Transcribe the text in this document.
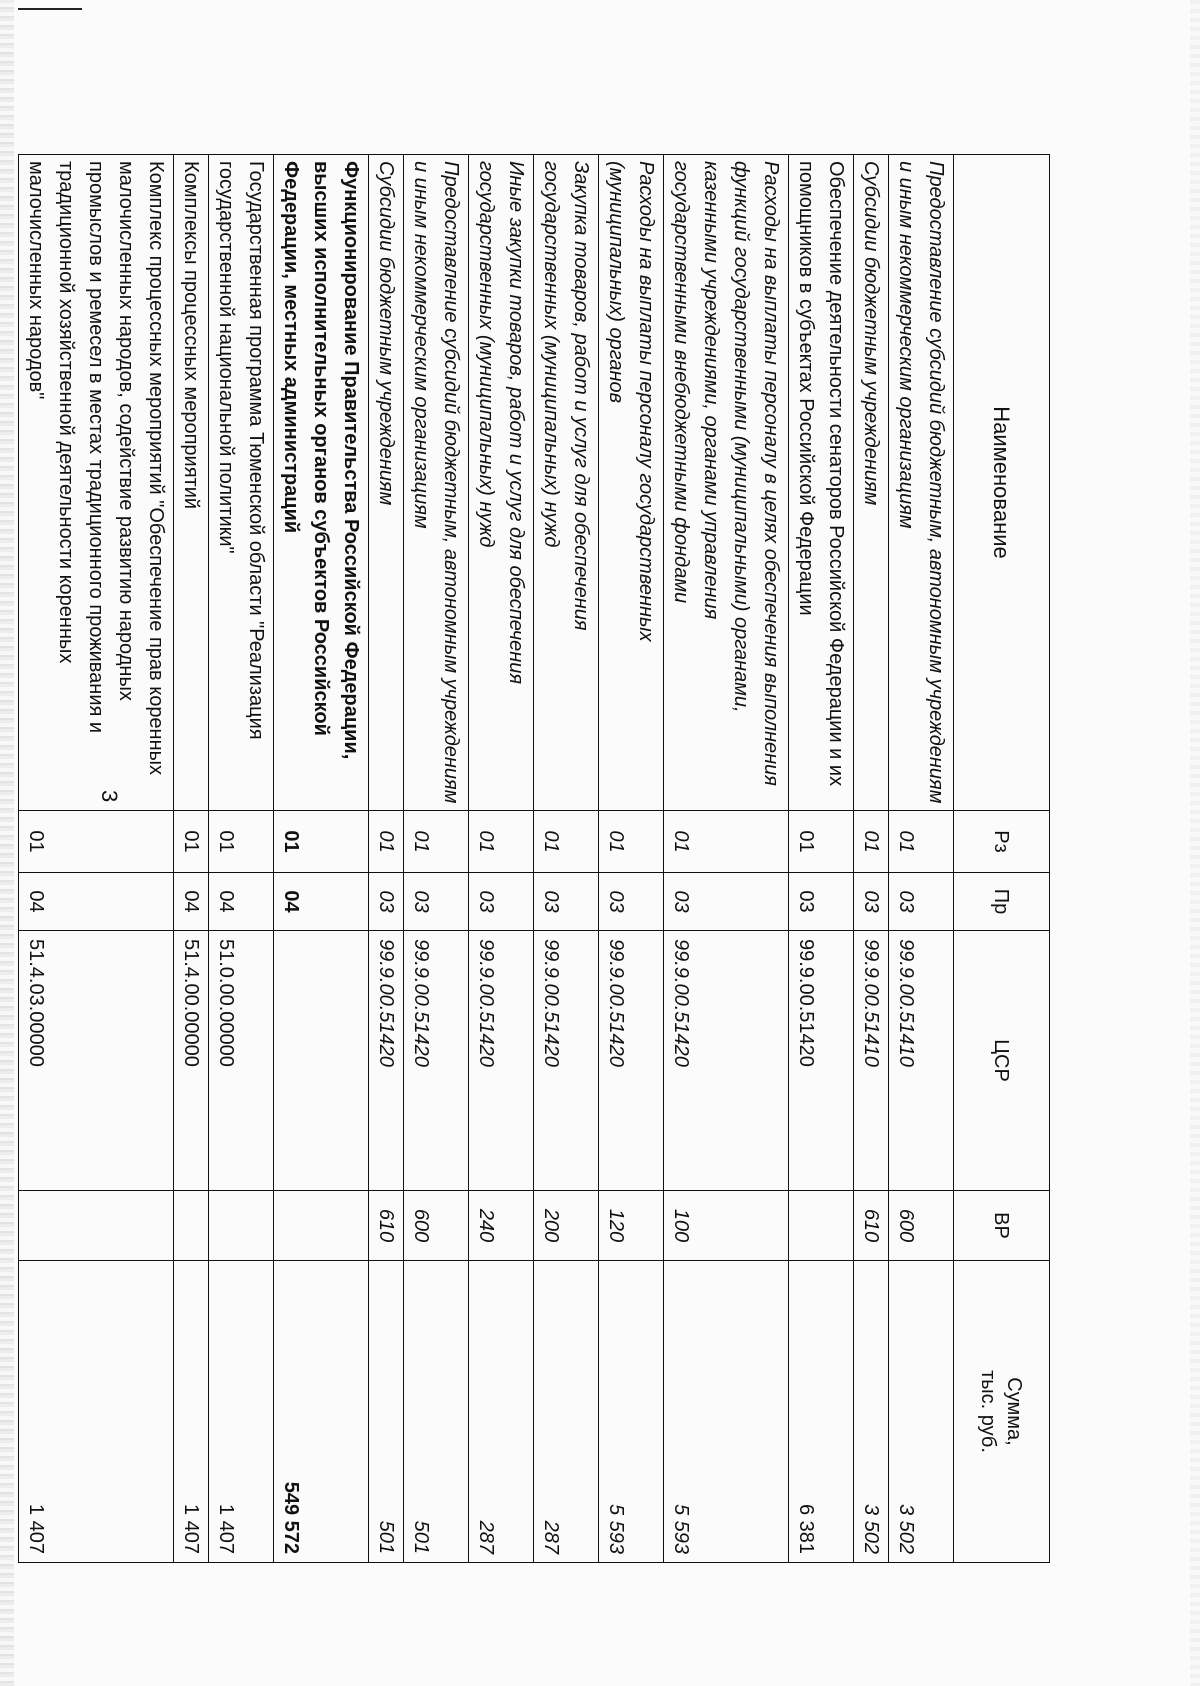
3
Наименование	Рз	Пр	ЦСР	ВР	Сумма,
тыс. руб.

Предоставление субсидий бюджетным, автономным учреждениям и иным некоммерческим организациям	01	03	99.9.00.51410	600	3 502
Субсидии бюджетным учреждениям	01	03	99.9.00.51410	610	3 502
Обеспечение деятельности сенаторов Российской Федерации и их помощников в субъектах Российской Федерации	01	03	99.9.00.51420		6 381
Расходы на выплаты персоналу в целях обеспечения выполнения функций государственными (муниципальными) органами, казенными учреждениями, органами управления государственными внебюджетными фондами	01	03	99.9.00.51420	100	5 593
Расходы на выплаты персоналу государственных (муниципальных) органов	01	03	99.9.00.51420	120	5 593
Закупка товаров, работ и услуг для обеспечения государственных (муниципальных) нужд	01	03	99.9.00.51420	200	287
Иные закупки товаров, работ и услуг для обеспечения государственных (муниципальных) нужд	01	03	99.9.00.51420	240	287
Предоставление субсидий бюджетным, автономным учреждениям и иным некоммерческим организациям	01	03	99.9.00.51420	600	501
Субсидии бюджетным учреждениям	01	03	99.9.00.51420	610	501
Функционирование Правительства Российской Федерации, высших исполнительных органов субъектов Российской Федерации, местных администраций	01	04			549 572
Государственная программа Тюменской области "Реализация государственной национальной политики"	01	04	51.0.00.00000		1 407
Комплексы процессных мероприятий	01	04	51.4.00.00000		1 407
Комплекс процессных мероприятий "Обеспечение прав коренных малочисленных народов, содействие развитию народных промыслов и ремесел в местах традиционного проживания и традиционной хозяйственной деятельности коренных малочисленных народов"	01	04	51.4.03.00000		1 407
